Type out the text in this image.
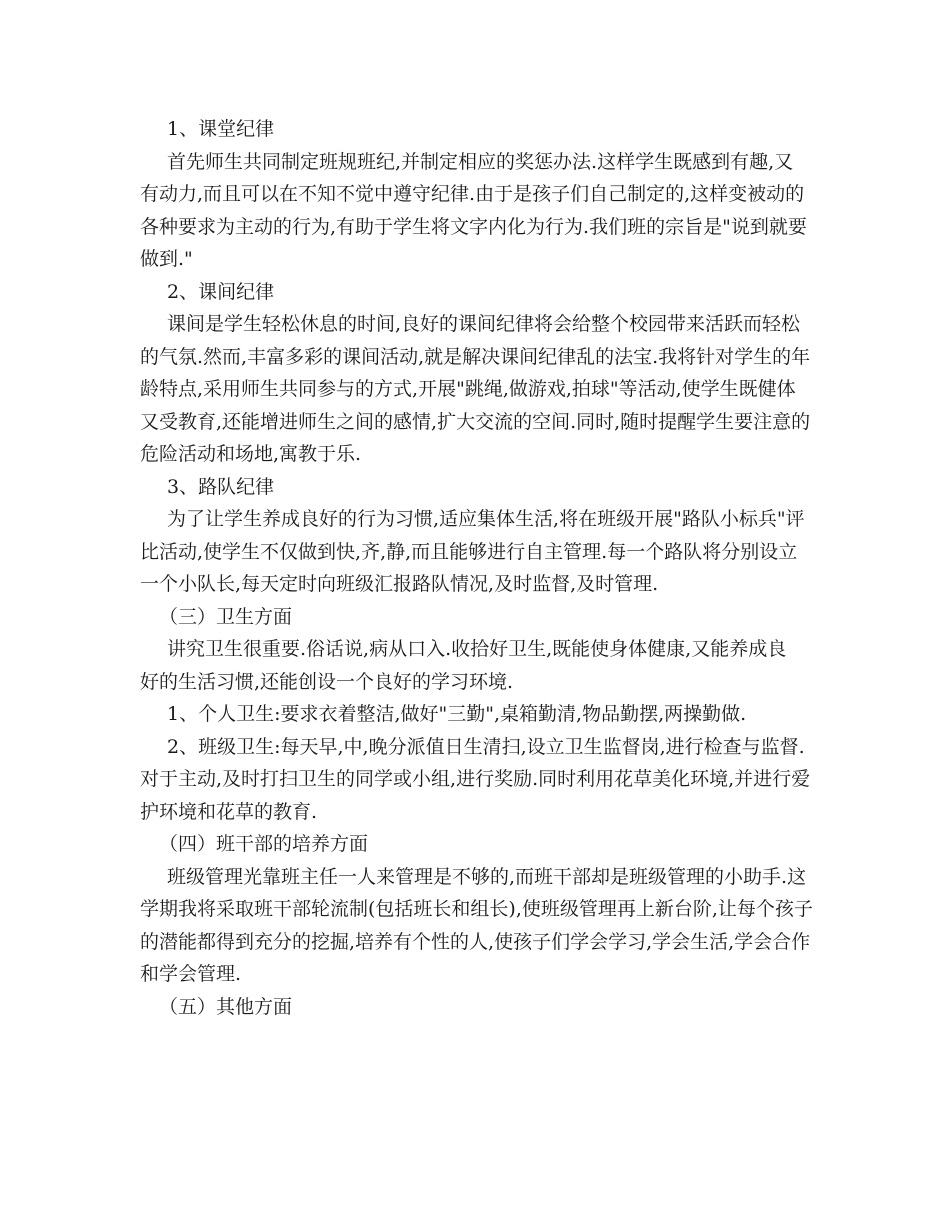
1、课堂纪律
首先师生共同制定班规班纪,并制定相应的奖惩办法.这样学生既感到有趣,又
有动力,而且可以在不知不觉中遵守纪律.由于是孩子们自己制定的,这样变被动的
各种要求为主动的行为,有助于学生将文字内化为行为.我们班的宗旨是"说到就要
做到."
2、课间纪律
课间是学生轻松休息的时间,良好的课间纪律将会给整个校园带来活跃而轻松
的气氛.然而,丰富多彩的课间活动,就是解决课间纪律乱的法宝.我将针对学生的年
龄特点,采用师生共同参与的方式,开展"跳绳,做游戏,拍球"等活动,使学生既健体
又受教育,还能增进师生之间的感情,扩大交流的空间.同时,随时提醒学生要注意的
危险活动和场地,寓教于乐.
3、路队纪律
为了让学生养成良好的行为习惯,适应集体生活,将在班级开展"路队小标兵"评
比活动,使学生不仅做到快,齐,静,而且能够进行自主管理.每一个路队将分别设立
一个小队长,每天定时向班级汇报路队情况,及时监督,及时管理.
（三）卫生方面
讲究卫生很重要.俗话说,病从口入.收拾好卫生,既能使身体健康,又能养成良
好的生活习惯,还能创设一个良好的学习环境.
1、个人卫生:要求衣着整洁,做好"三勤",桌箱勤清,物品勤摆,两操勤做.
2、班级卫生:每天早,中,晚分派值日生清扫,设立卫生监督岗,进行检查与监督.
对于主动,及时打扫卫生的同学或小组,进行奖励.同时利用花草美化环境,并进行爱
护环境和花草的教育.
（四）班干部的培养方面
班级管理光靠班主任一人来管理是不够的,而班干部却是班级管理的小助手.这
学期我将采取班干部轮流制(包括班长和组长),使班级管理再上新台阶,让每个孩子
的潜能都得到充分的挖掘,培养有个性的人,使孩子们学会学习,学会生活,学会合作
和学会管理.
（五）其他方面
